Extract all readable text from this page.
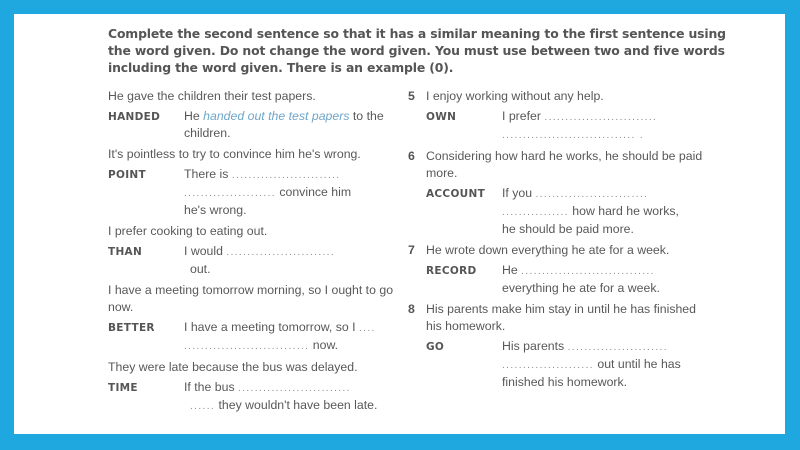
Complete the second sentence so that it has a similar meaning to the first sentence using the word given. Do not change the word given. You must use between two and five words including the word given. There is an example (0).
He gave the children their test papers.
HANDED He handed out the test papers to the
children.
It's pointless to try to convince him he's wrong.
POINT	There is ..........................
...................... convince him
he's wrong.
I prefer cooking to eating out.
THAN	I would ..........................
out.
I have a meeting tomorrow morning, so I ought to go now.
BETTER I have a meeting tomorrow, so I ....
.............................. now.
They were late because the bus was delayed.
TIME	If the bus ...........................
...... they wouldn't have been late.
5 I enjoy working without any help.
OWN	I prefer ...........................
................................ .
6 Considering how hard he works, he should be paid more.
ACCOUNT If you ...........................
................ how hard he works,
he should be paid more.
7 He wrote down everything he ate for a week.
RECORD He ................................
everything he ate for a week.
8 His parents make him stay in until he has finished his homework.
GO	His parents ........................
...................... out until he has
finished his homework.
